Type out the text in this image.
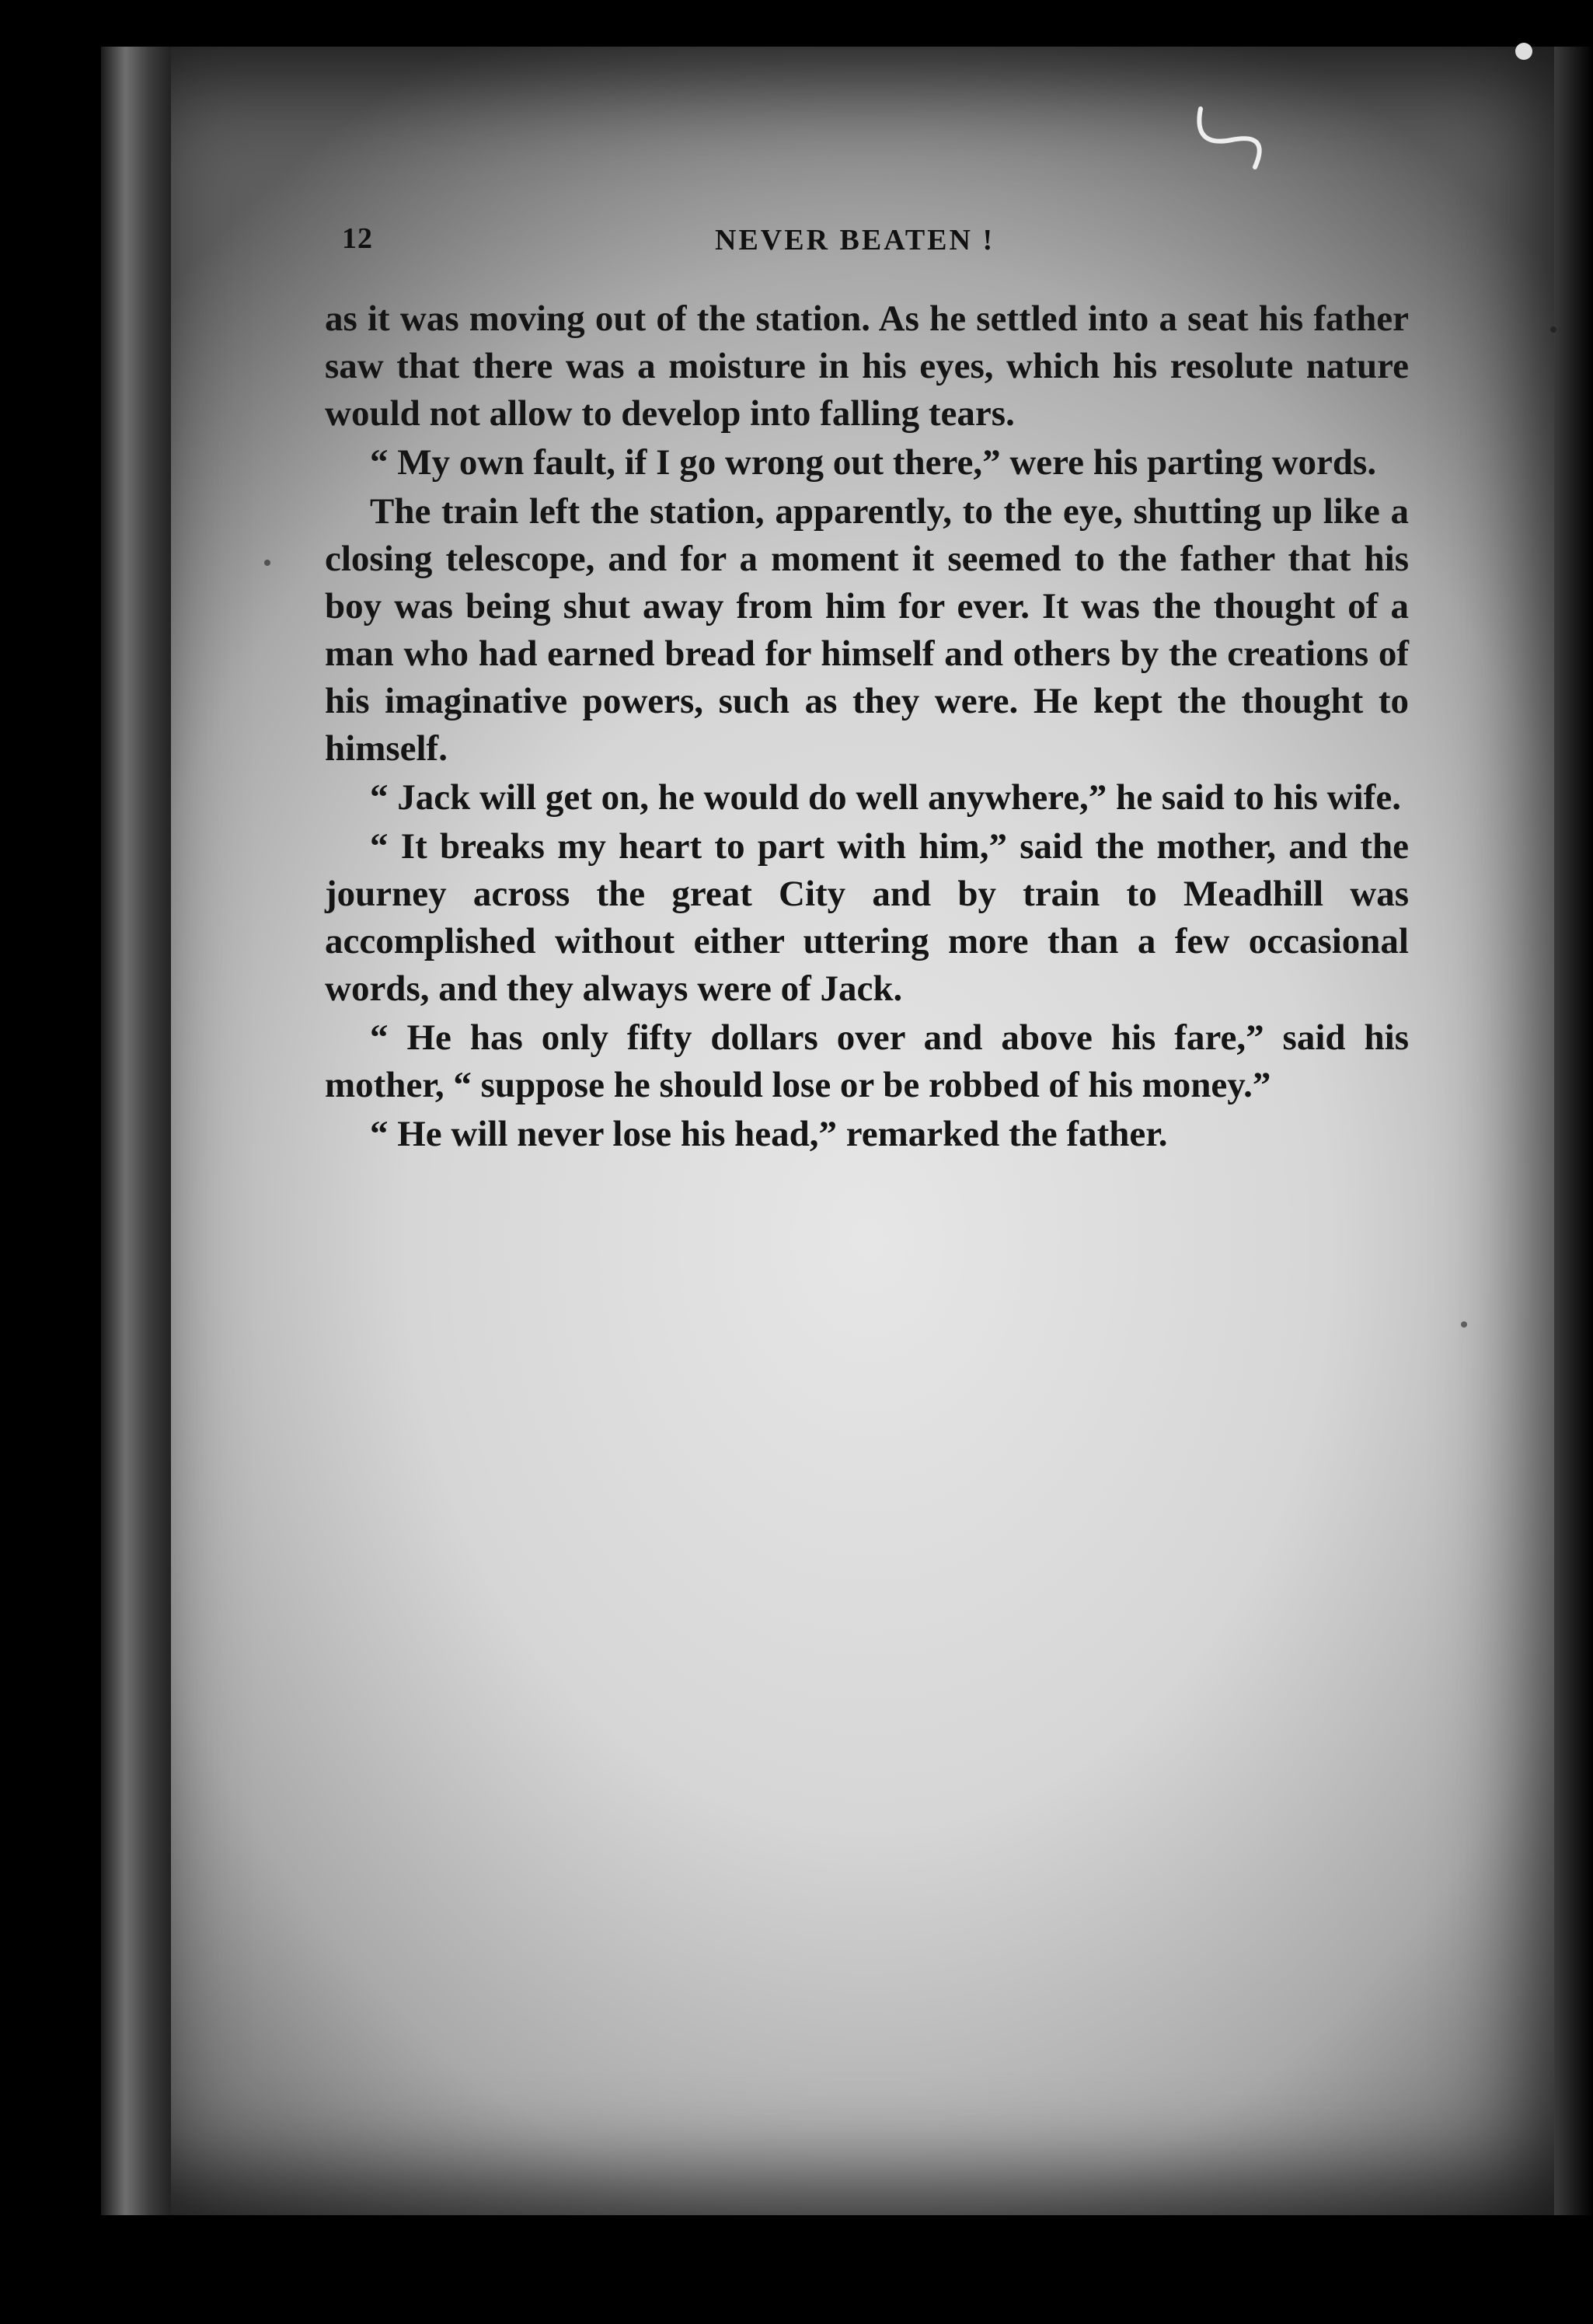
12	NEVER BEATEN !

as it was moving out of the station. As he settled into a seat his father saw that there was a moisture in his eyes, which his resolute nature would not allow to develop into falling tears.

“ My own fault, if I go wrong out there,” were his parting words.

The train left the station, apparently, to the eye, shutting up like a closing telescope, and for a moment it seemed to the father that his boy was being shut away from him for ever. It was the thought of a man who had earned bread for himself and others by the creations of his imaginative powers, such as they were. He kept the thought to himself.

“ Jack will get on, he would do well anywhere,” he said to his wife.

“ It breaks my heart to part with him,” said the mother, and the journey across the great City and by train to Meadhill was accomplished without either uttering more than a few occasional words, and they always were of Jack.

“ He has only fifty dollars over and above his fare,” said his mother, “ suppose he should lose or be robbed of his money.”

“ He will never lose his head,” remarked the father.
